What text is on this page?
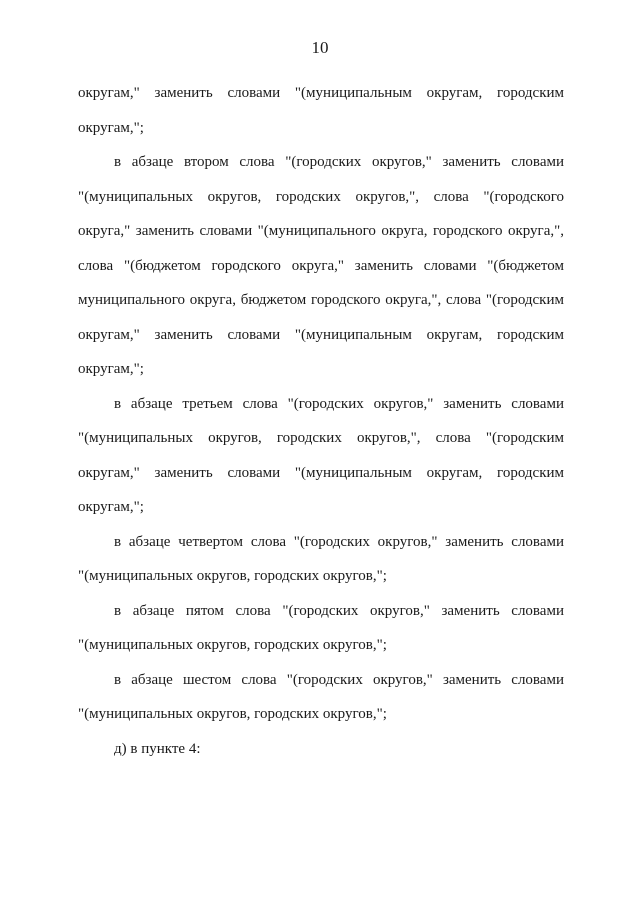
10
округам," заменить словами "(муниципальным округам, городским
округам,";
в абзаце втором слова "(городских округов," заменить словами
"(муниципальных округов, городских округов,", слова "(городского
округа," заменить словами "(муниципального округа, городского округа,",
слова "(бюджетом городского округа," заменить словами "(бюджетом
муниципального округа, бюджетом городского округа,", слова "(городским
округам," заменить словами "(муниципальным округам, городским
округам,";
в абзаце третьем слова "(городских округов," заменить словами
"(муниципальных округов, городских округов,", слова "(городским
округам," заменить словами "(муниципальным округам, городским
округам,";
в абзаце четвертом слова "(городских округов," заменить словами
"(муниципальных округов, городских округов,";
в абзаце пятом слова "(городских округов," заменить словами
"(муниципальных округов, городских округов,";
в абзаце шестом слова "(городских округов," заменить словами
"(муниципальных округов, городских округов,";
д) в пункте 4:
